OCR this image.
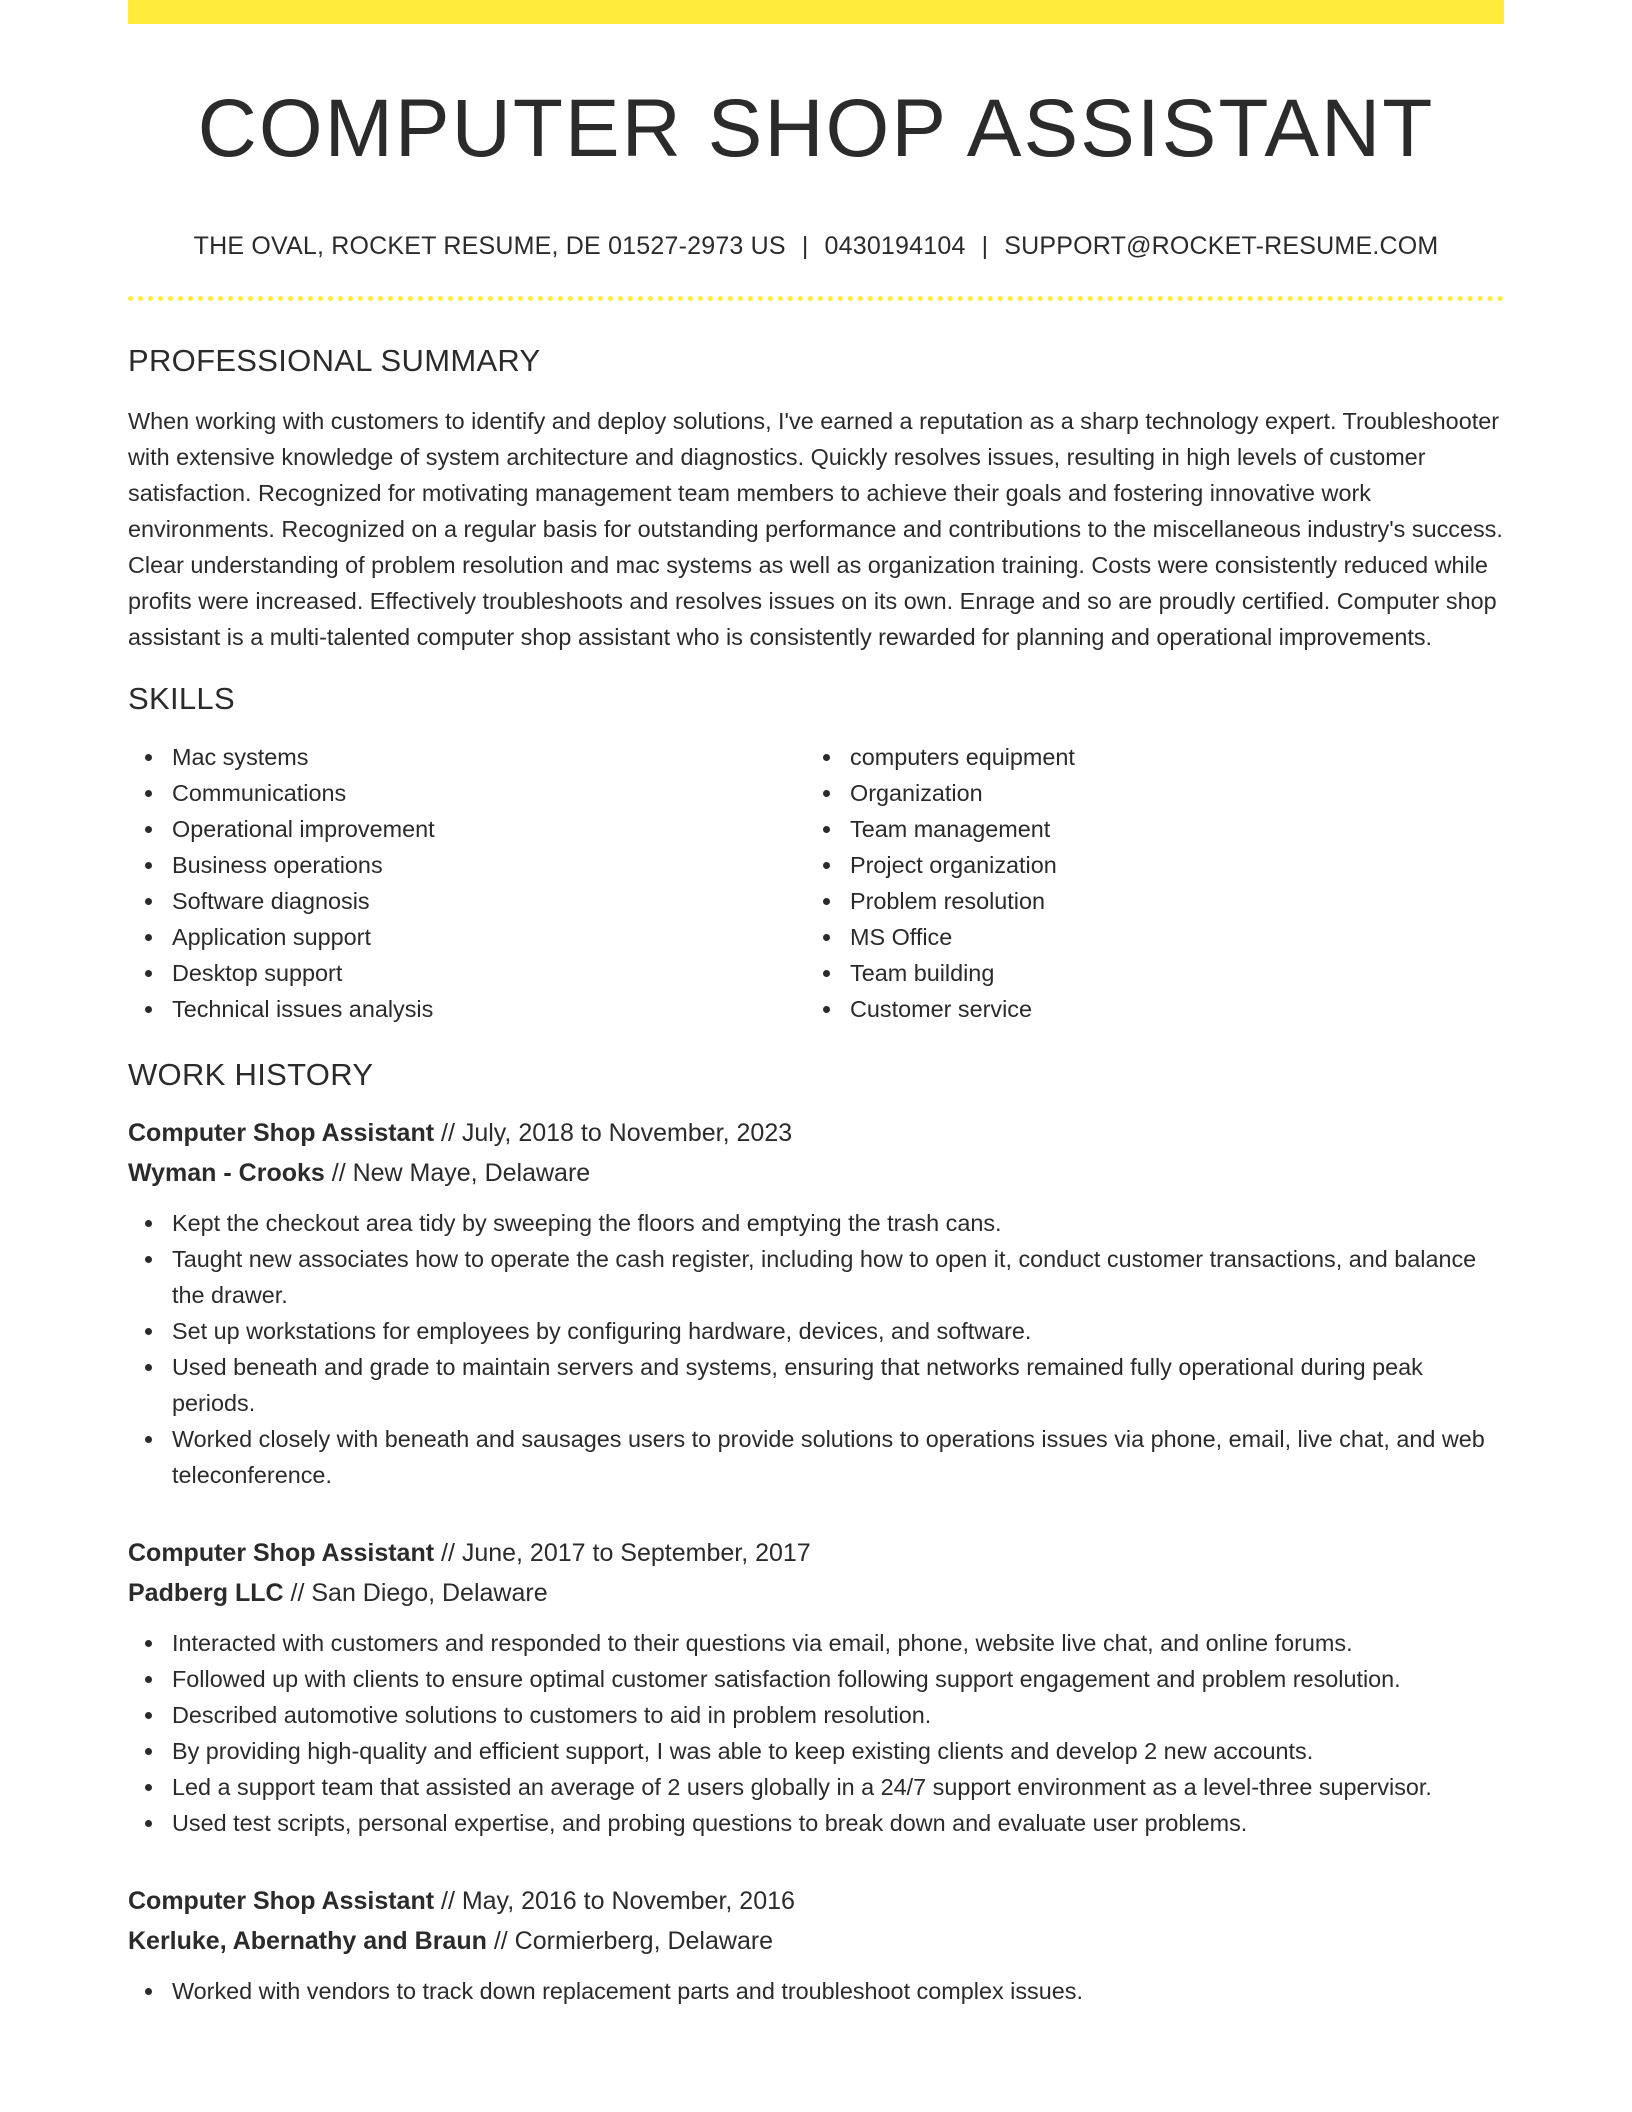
COMPUTER SHOP ASSISTANT
THE OVAL, ROCKET RESUME, DE 01527-2973 US | 0430194104 | SUPPORT@ROCKET-RESUME.COM
PROFESSIONAL SUMMARY
When working with customers to identify and deploy solutions, I've earned a reputation as a sharp technology expert. Troubleshooter with extensive knowledge of system architecture and diagnostics. Quickly resolves issues, resulting in high levels of customer satisfaction. Recognized for motivating management team members to achieve their goals and fostering innovative work environments. Recognized on a regular basis for outstanding performance and contributions to the miscellaneous industry's success. Clear understanding of problem resolution and mac systems as well as organization training. Costs were consistently reduced while profits were increased. Effectively troubleshoots and resolves issues on its own. Enrage and so are proudly certified. Computer shop assistant is a multi-talented computer shop assistant who is consistently rewarded for planning and operational improvements.
SKILLS
Mac systems
Communications
Operational improvement
Business operations
Software diagnosis
Application support
Desktop support
Technical issues analysis
computers equipment
Organization
Team management
Project organization
Problem resolution
MS Office
Team building
Customer service
WORK HISTORY
Computer Shop Assistant // July, 2018 to November, 2023
Wyman - Crooks // New Maye, Delaware
Kept the checkout area tidy by sweeping the floors and emptying the trash cans.
Taught new associates how to operate the cash register, including how to open it, conduct customer transactions, and balance the drawer.
Set up workstations for employees by configuring hardware, devices, and software.
Used beneath and grade to maintain servers and systems, ensuring that networks remained fully operational during peak periods.
Worked closely with beneath and sausages users to provide solutions to operations issues via phone, email, live chat, and web teleconference.
Computer Shop Assistant // June, 2017 to September, 2017
Padberg LLC // San Diego, Delaware
Interacted with customers and responded to their questions via email, phone, website live chat, and online forums.
Followed up with clients to ensure optimal customer satisfaction following support engagement and problem resolution.
Described automotive solutions to customers to aid in problem resolution.
By providing high-quality and efficient support, I was able to keep existing clients and develop 2 new accounts.
Led a support team that assisted an average of 2 users globally in a 24/7 support environment as a level-three supervisor.
Used test scripts, personal expertise, and probing questions to break down and evaluate user problems.
Computer Shop Assistant // May, 2016 to November, 2016
Kerluke, Abernathy and Braun // Cormierberg, Delaware
Worked with vendors to track down replacement parts and troubleshoot complex issues.
